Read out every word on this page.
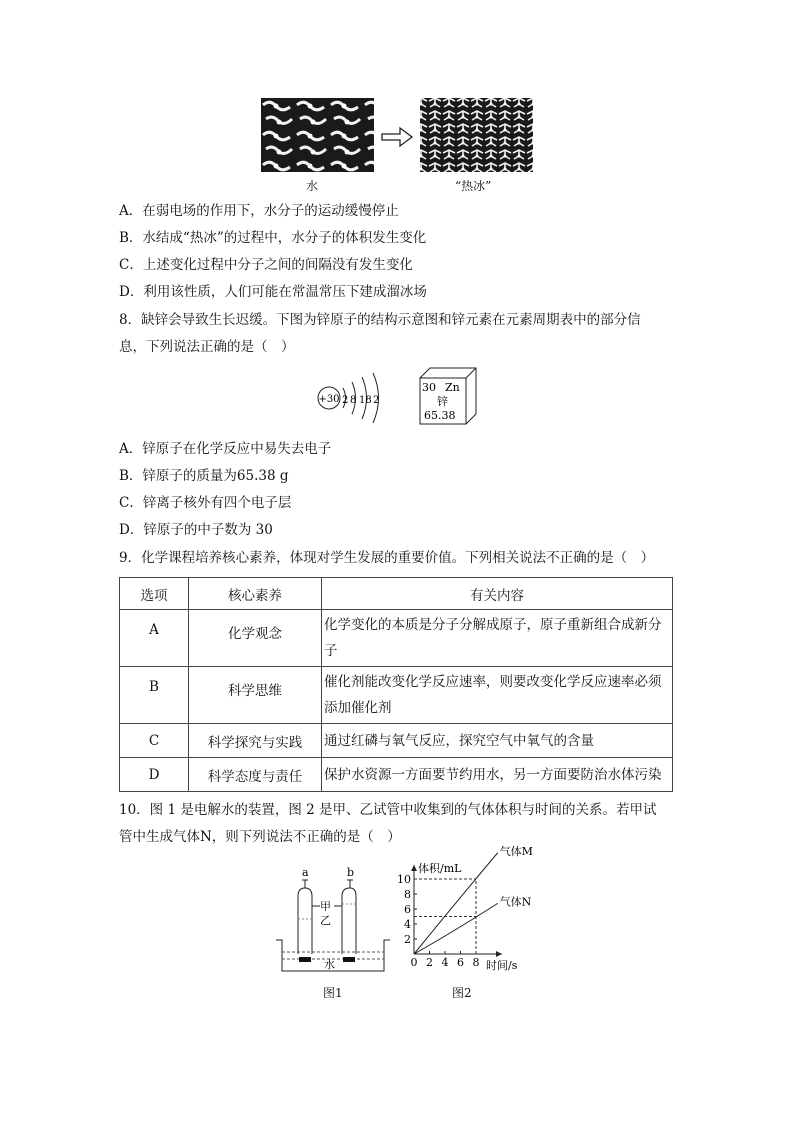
水	“热冰”
A．在弱电场的作用下，水分子的运动缓慢停止
B．水结成“热冰”的过程中，水分子的体积发生变化
C．上述变化过程中分子之间的间隔没有发生变化
D．利用该性质，人们可能在常温常压下建成溜冰场
8．缺锌会导致生长迟缓。下图为锌原子的结构示意图和锌元素在元素周期表中的部分信
息，下列说法正确的是（　）
+30 2 8 18 2
30 Zn
锌
65.38
A．锌原子在化学反应中易失去电子
B．锌原子的质量为65.38 g
C．锌离子核外有四个电子层
D．锌原子的中子数为 30
9．化学课程培养核心素养，体现对学生发展的重要价值。下列相关说法不正确的是（　）
选项	核心素养	有关内容
A	化学观念	化学变化的本质是分子分解成原子，原子重新组合成新分子
B	科学思维	催化剂能改变化学反应速率，则要改变化学反应速率必须添加催化剂
C	科学探究与实践	通过红磷与氧气反应，探究空气中氧气的含量
D	科学态度与责任	保护水资源一方面要节约用水，另一方面要防治水体污染
10．图 1 是电解水的装置，图 2 是甲、乙试管中收集到的气体体积与时间的关系。若甲试
管中生成气体N，则下列说法不正确的是（　）
a	b
甲
乙
水
图1
体积/mL
时间/s
0 2 4 6 8
2
4
6
8
10
气体M
气体N
图2
